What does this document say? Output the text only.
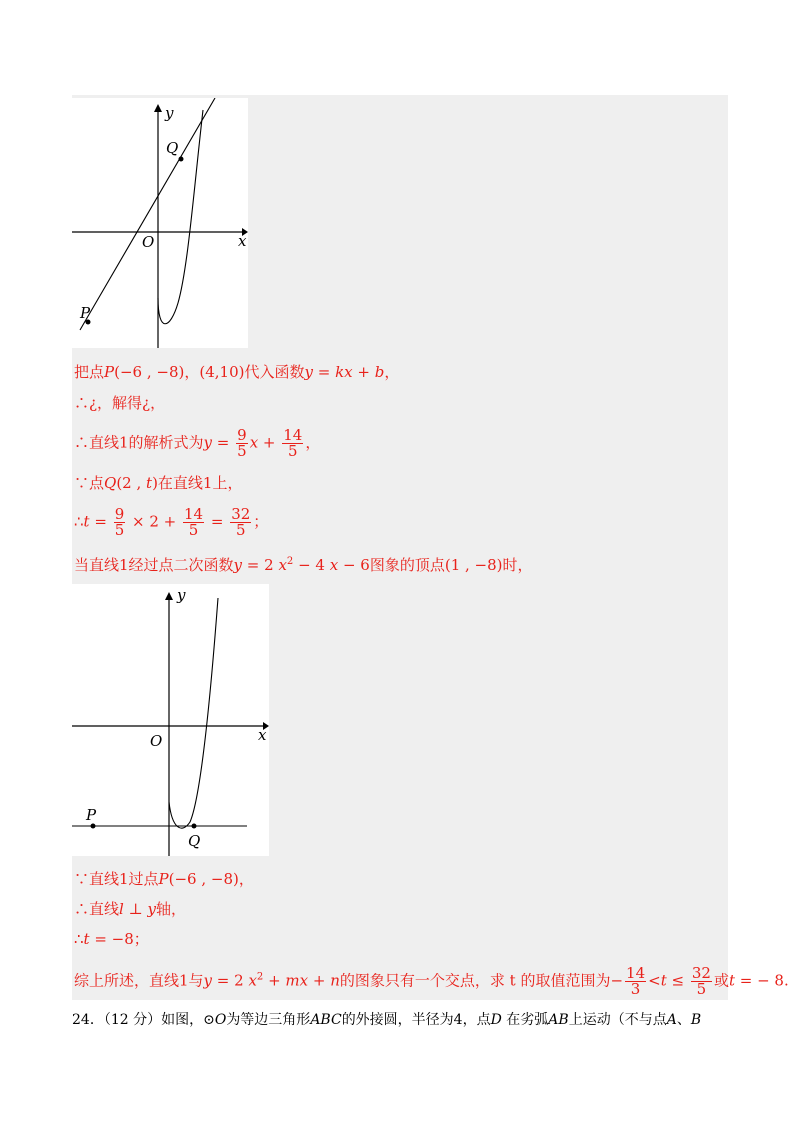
y
x
O
Q
P
把点P(−6 , −8)，(4,10)代入函数y = kx + b，
∴¿，解得¿，
∴直线1的解析式为$y = \frac{9}{5}$ $x + \frac{14}{5}$ ，
∵点Q(2 , t)在直线1上，
∴t = $\frac{9}{5} \times 2 + \frac{14}{5} = \frac{32}{5}$ ；
当直线1经过点二次函数y = 2 $x^2 - 4$ x − 6图象的顶点(1 , −8)时，
y
x
O
P
Q
∵直线1过点P(−6 , −8)，
∴直线l ⊥ y轴，
∴t = −8；
综上所述，直线1与y = 2 $x^2$ + mx + n的图象只有一个交点，求 t 的取值范围为− $\frac{14}{3} <t \le \frac{32}{5}$ 或t = − 8.
24．（12 分）如图，⊙O为等边三角形ABC的外接圆，半径为4，点D 在劣弧AB上运动（不与点A、B
